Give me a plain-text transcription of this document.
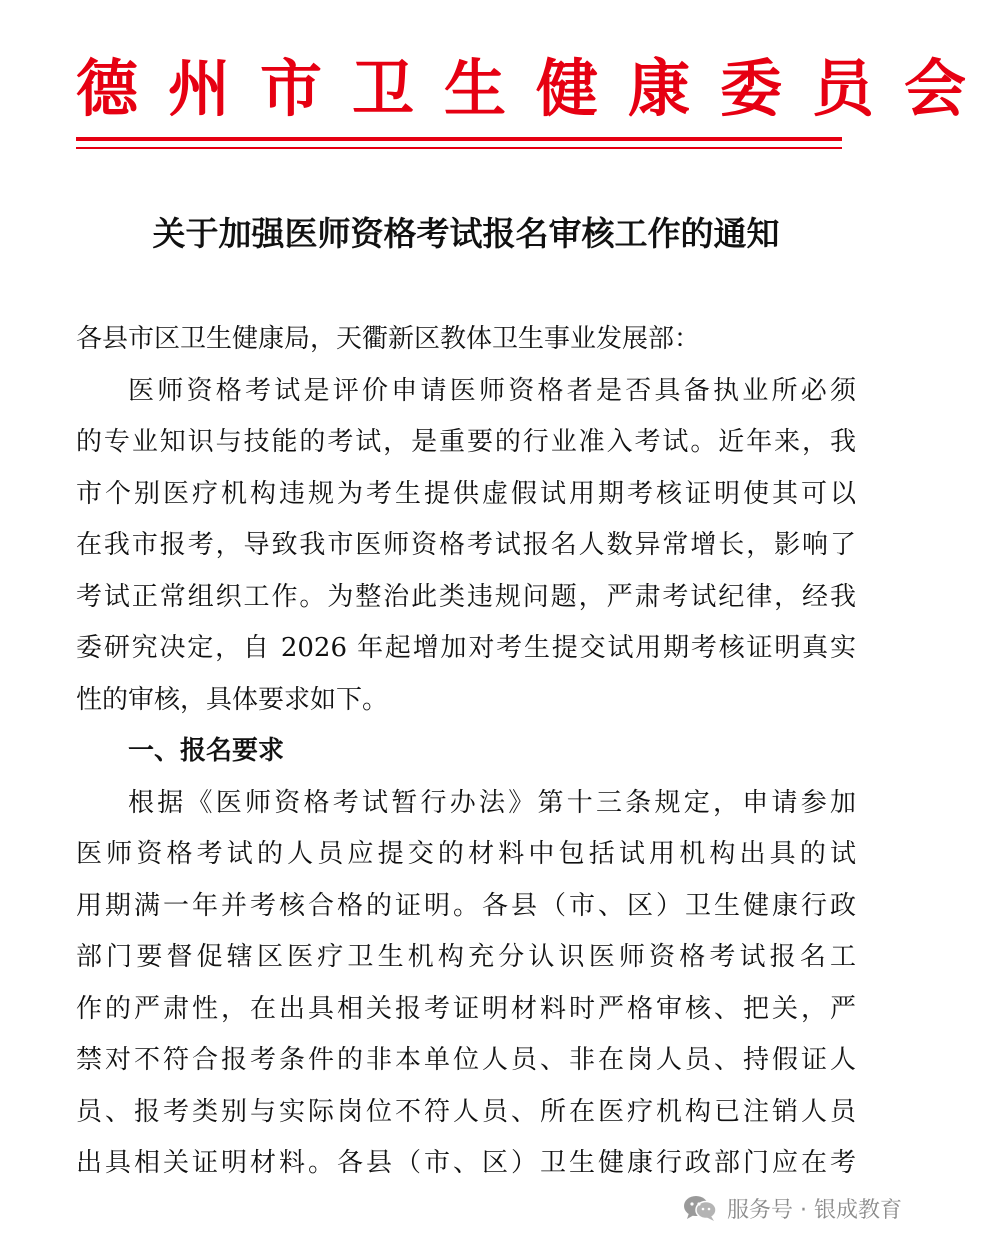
德州市卫生健康委员会
关于加强医师资格考试报名审核工作的通知
各县市区卫生健康局，天衢新区教体卫生事业发展部：
医师资格考试是评价申请医师资格者是否具备执业所必须
的专业知识与技能的考试，是重要的行业准入考试。近年来，我
市个别医疗机构违规为考生提供虚假试用期考核证明使其可以
在我市报考，导致我市医师资格考试报名人数异常增长，影响了
考试正常组织工作。为整治此类违规问题，严肃考试纪律，经我
委研究决定，自 2026 年起增加对考生提交试用期考核证明真实
性的审核，具体要求如下。
一、报名要求
根据《医师资格考试暂行办法》第十三条规定，申请参加
医师资格考试的人员应提交的材料中包括试用机构出具的试
用期满一年并考核合格的证明。各县（市、区）卫生健康行政
部门要督促辖区医疗卫生机构充分认识医师资格考试报名工
作的严肃性，在出具相关报考证明材料时严格审核、把关，严
禁对不符合报考条件的非本单位人员、非在岗人员、持假证人
员、报考类别与实际岗位不符人员、所在医疗机构已注销人员
出具相关证明材料。各县（市、区）卫生健康行政部门应在考
服务号 · 银成教育
